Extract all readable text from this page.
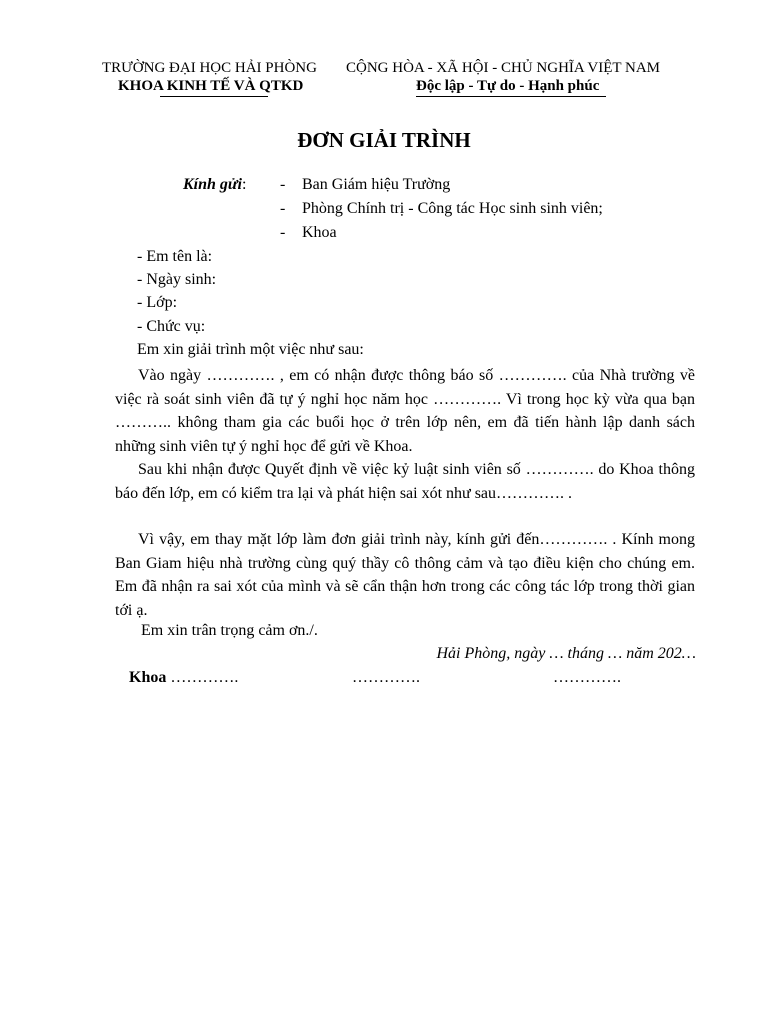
TRƯỜNG ĐẠI HỌC HẢI PHÒNG
KHOA KINH TẾ VÀ QTKD
CỘNG HÒA - XÃ HỘI - CHỦ NGHĨA VIỆT NAM
Độc lập - Tự do - Hạnh phúc
ĐƠN GIẢI TRÌNH
Kính gửi: - Ban Giám hiệu Trường
- Phòng Chính trị - Công tác Học sinh sinh viên;
- Khoa
- Em tên là:
- Ngày sinh:
- Lớp:
- Chức vụ:
Em xin giải trình một việc như sau:
Vào ngày …………. , em có nhận được thông báo số …………. của Nhà trường về việc rà soát sinh viên đã tự ý nghỉ học năm học …………. Vì trong học kỳ vừa qua bạn ……….. không tham gia các buổi học ở trên lớp nên, em đã tiến hành lập danh sách những sinh viên tự ý nghỉ học để gửi về Khoa.
Sau khi nhận được Quyết định về việc kỷ luật sinh viên số …………. do Khoa thông báo đến lớp, em có kiểm tra lại và phát hiện sai xót như sau…………. .
Vì vậy, em thay mặt lớp làm đơn giải trình này, kính gửi đến…………. . Kính mong Ban Giam hiệu nhà trường cùng quý thầy cô thông cảm và tạo điều kiện cho chúng em. Em đã nhận ra sai xót của mình và sẽ cẩn thận hơn trong các công tác lớp trong thời gian tới ạ.
Em xin trân trọng cảm ơn./.
Hải Phòng, ngày … tháng … năm 202…
Khoa ………….	………….	………….
